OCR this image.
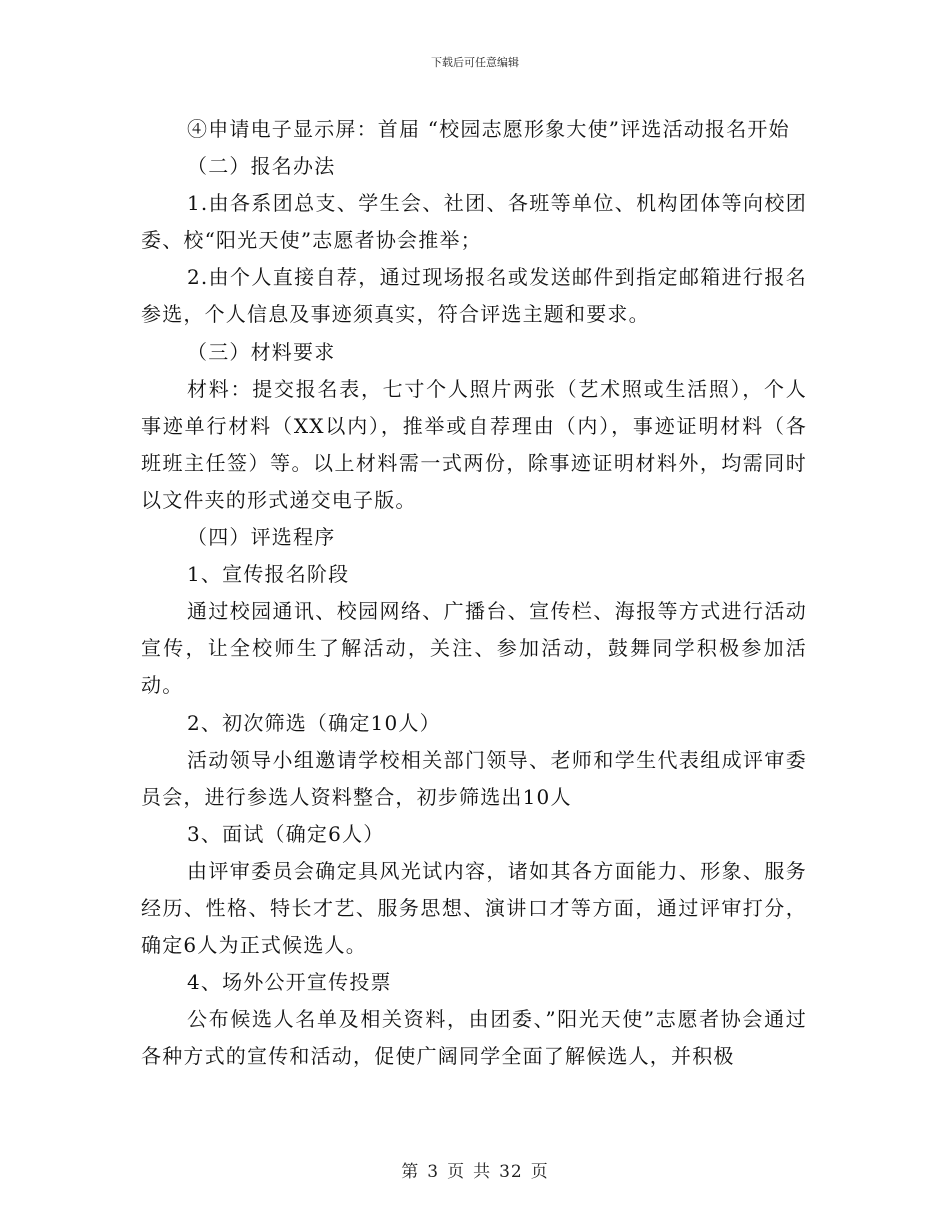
下载后可任意编辑

④申请电子显示屏：首届 “校园志愿形象大使”评选活动报名开始

（二）报名办法

1.由各系团总支、学生会、社团、各班等单位、机构团体等向校团委、校“阳光天使”志愿者协会推举；

2.由个人直接自荐，通过现场报名或发送邮件到指定邮箱进行报名参选，个人信息及事迹须真实，符合评选主题和要求。

（三）材料要求

材料：提交报名表，七寸个人照片两张（艺术照或生活照），个人事迹单行材料（XX以内），推举或自荐理由（内），事迹证明材料（各班班主任签）等。以上材料需一式两份，除事迹证明材料外，均需同时以文件夹的形式递交电子版。

（四）评选程序

1、宣传报名阶段

通过校园通讯、校园网络、广播台、宣传栏、海报等方式进行活动宣传，让全校师生了解活动，关注、参加活动，鼓舞同学积极参加活动。

2、初次筛选（确定10人）

活动领导小组邀请学校相关部门领导、老师和学生代表组成评审委员会，进行参选人资料整合，初步筛选出10人

3、面试（确定6人）

由评审委员会确定具风光试内容，诸如其各方面能力、形象、服务经历、性格、特长才艺、服务思想、演讲口才等方面，通过评审打分，确定6人为正式候选人。

4、场外公开宣传投票

公布候选人名单及相关资料，由团委、”阳光天使”志愿者协会通过各种方式的宣传和活动，促使广阔同学全面了解候选人，并积极

第 3 页 共 32 页
